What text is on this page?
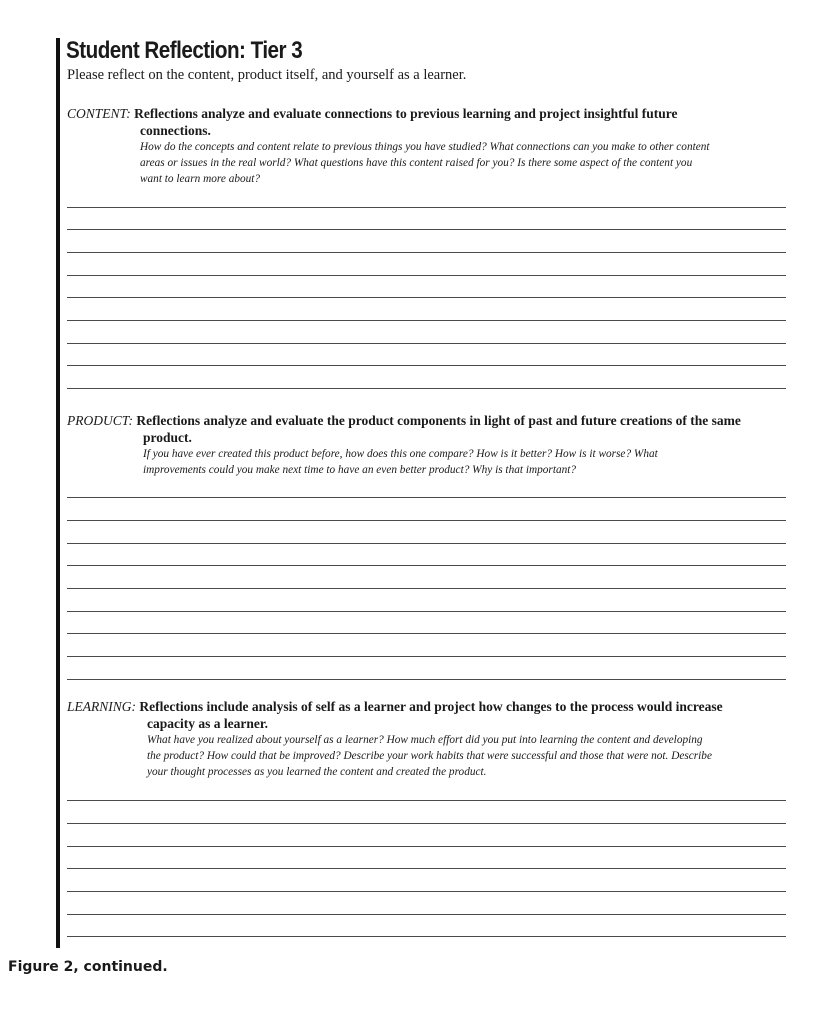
Student Reflection: Tier 3

Please reflect on the content, product itself, and yourself as a learner.

CONTENT: Reflections analyze and evaluate connections to previous learning and project insightful future

connections.

How do the concepts and content relate to previous things you have studied? What connections can you make to other content

areas or issues in the real world? What questions have this content raised for you? Is there some aspect of the content you

want to learn more about?

PRODUCT: Reflections analyze and evaluate the product components in light of past and future creations of the same

product.

If you have ever created this product before, how does this one compare? How is it better? How is it worse? What

improvements could you make next time to have an even better product? Why is that important?

LEARNING: Reflections include analysis of self as a learner and project how changes to the process would increase

capacity as a learner.

What have you realized about yourself as a learner? How much effort did you put into learning the content and developing

the product? How could that be improved? Describe your work habits that were successful and those that were not. Describe

your thought processes as you learned the content and created the product.

Figure 2, continued.
